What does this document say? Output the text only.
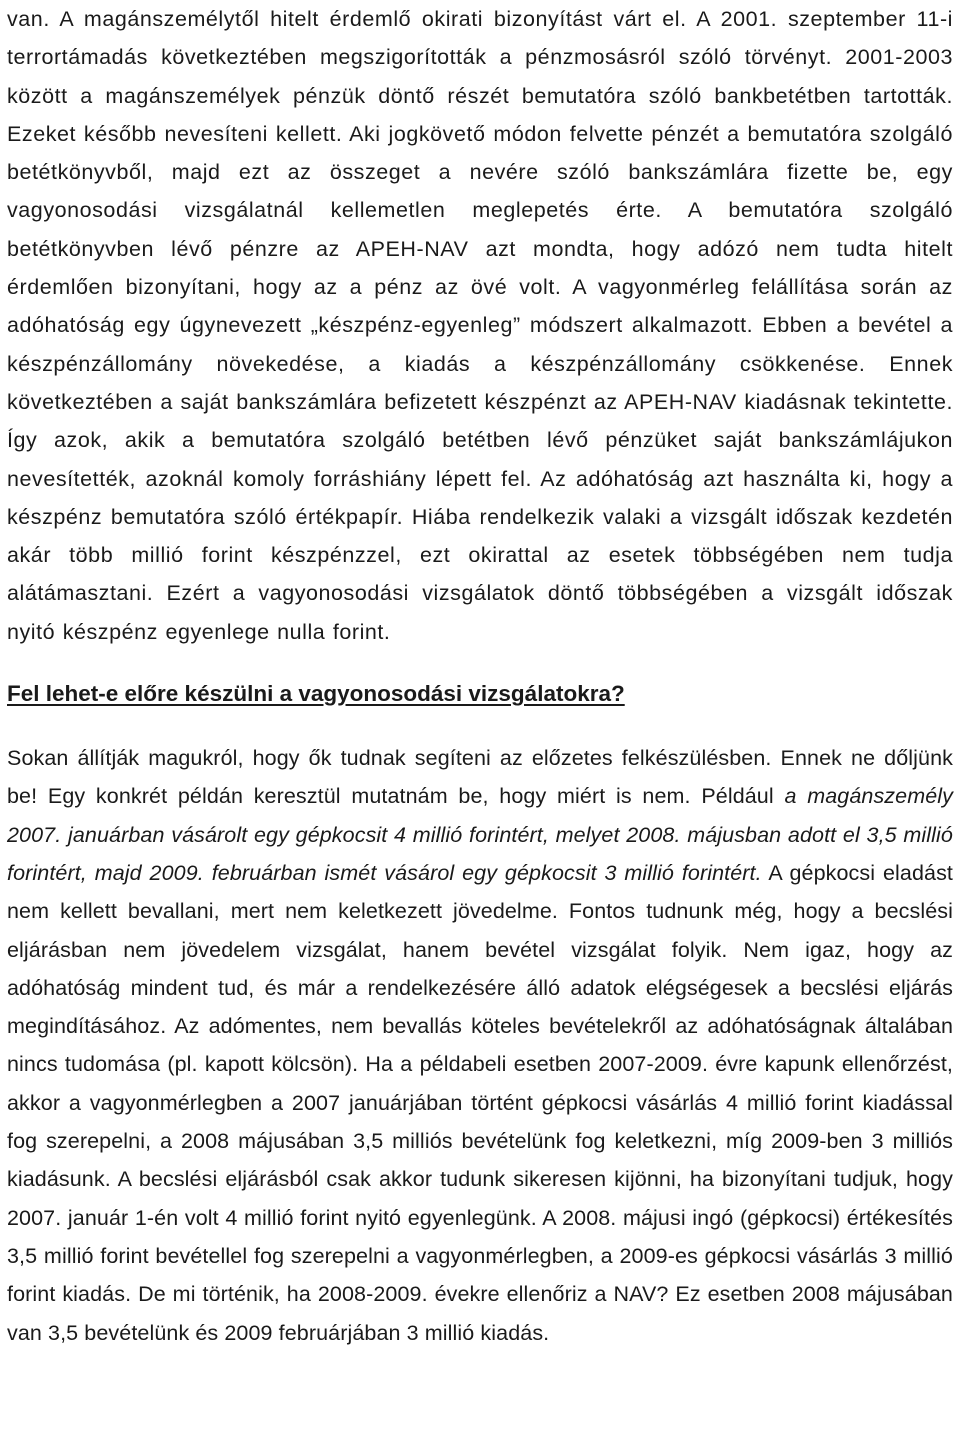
van. A magánszemélytől hitelt érdemlő okirati bizonyítást várt el. A 2001. szeptember 11-i terrortámadás következtében megszigorították a pénzmosásról szóló törvényt. 2001-2003 között a magánszemélyek pénzük döntő részét bemutatóra szóló bankbetétben tartották. Ezeket később nevesíteni kellett. Aki jogkövető módon felvette pénzét a bemutatóra szolgáló betétkönyvből, majd ezt az összeget a nevére szóló bankszámlára fizette be, egy vagyonosodási vizsgálatnál kellemetlen meglepetés érte. A bemutatóra szolgáló betétkönyvben lévő pénzre az APEH-NAV azt mondta, hogy adózó nem tudta hitelt érdemlően bizonyítani, hogy az a pénz az övé volt. A vagyonmérleg felállítása során az adóhatóság egy úgynevezett „készpénz-egyenleg” módszert alkalmazott. Ebben a bevétel a készpénzállomány növekedése, a kiadás a készpénzállomány csökkenése. Ennek következtében a saját bankszámlára befizetett készpénzt az APEH-NAV kiadásnak tekintette. Így azok, akik a bemutatóra szolgáló betétben lévő pénzüket saját bankszámlájukon nevesítették, azoknál komoly forráshiány lépett fel. Az adóhatóság azt használta ki, hogy a készpénz bemutatóra szóló értékpapír. Hiába rendelkezik valaki a vizsgált időszak kezdetén akár több millió forint készpénzzel, ezt okirattal az esetek többségében nem tudja alátámasztani. Ezért a vagyonosodási vizsgálatok döntő többségében a vizsgált időszak nyitó készpénz egyenlege nulla forint.

Fel lehet-e előre készülni a vagyonosodási vizsgálatokra?

Sokan állítják magukról, hogy ők tudnak segíteni az előzetes felkészülésben. Ennek ne dőljünk be! Egy konkrét példán keresztül mutatnám be, hogy miért is nem. Például a magánszemély 2007. januárban vásárolt egy gépkocsit 4 millió forintért, melyet 2008. májusban adott el 3,5 millió forintért, majd 2009. februárban ismét vásárol egy gépkocsit 3 millió forintért. A gépkocsi eladást nem kellett bevallani, mert nem keletkezett jövedelme. Fontos tudnunk még, hogy a becslési eljárásban nem jövedelem vizsgálat, hanem bevétel vizsgálat folyik. Nem igaz, hogy az adóhatóság mindent tud, és már a rendelkezésére álló adatok elégségesek a becslési eljárás megindításához. Az adómentes, nem bevallás köteles bevételekről az adóhatóságnak általában nincs tudomása (pl. kapott kölcsön). Ha a példabeli esetben 2007-2009. évre kapunk ellenőrzést, akkor a vagyonmérlegben a 2007 januárjában történt gépkocsi vásárlás 4 millió forint kiadással fog szerepelni, a 2008 májusában 3,5 milliós bevételünk fog keletkezni, míg 2009-ben 3 milliós kiadásunk. A becslési eljárásból csak akkor tudunk sikeresen kijönni, ha bizonyítani tudjuk, hogy 2007. január 1-én volt 4 millió forint nyitó egyenlegünk. A 2008. májusi ingó (gépkocsi) értékesítés 3,5 millió forint bevétellel fog szerepelni a vagyonmérlegben, a 2009-es gépkocsi vásárlás 3 millió forint kiadás. De mi történik, ha 2008-2009. évekre ellenőriz a NAV? Ez esetben 2008 májusában van 3,5 bevételünk és 2009 februárjában 3 millió kiadás.
